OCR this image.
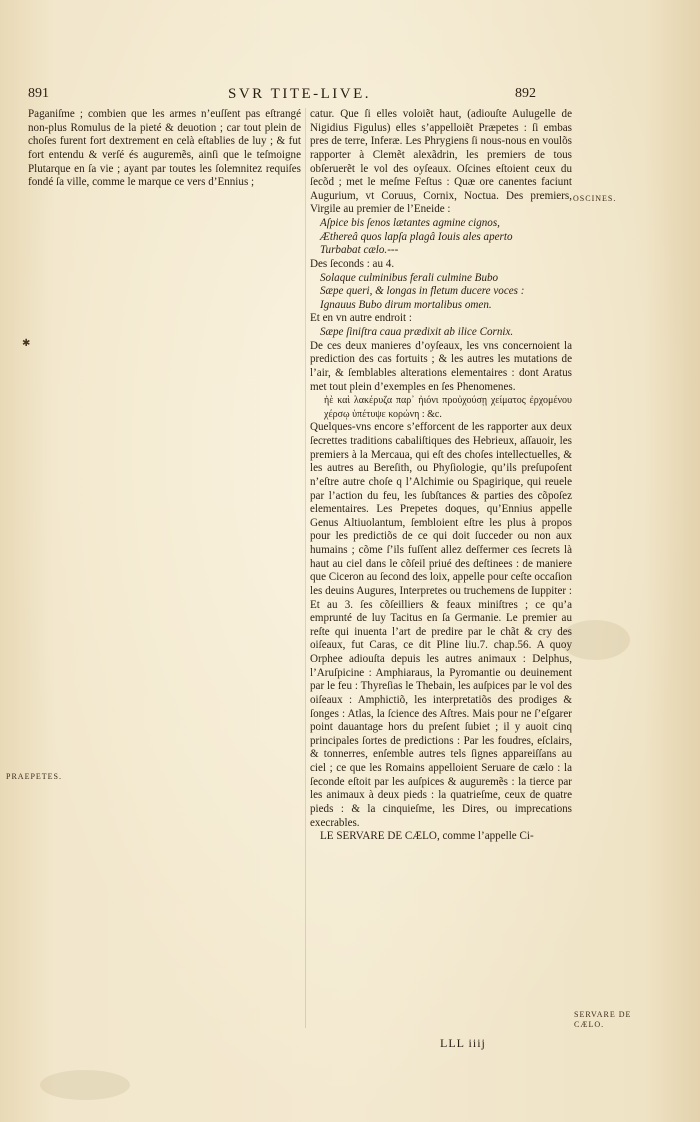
891	SVR TITE-LIVE.	892

Paganiſme ; combien que les armes n’euſſent pas eſtrangé non-plus Romulus de la pieté & deuotion ; car tout plein de choſes furent fort dextrement en celà eſtablies de luy ; & fut fort entendu & verſé és auguremẽs, ainſi que le teſmoigne Plutarque en ſa vie ; ayant par toutes les ſolemnitez requiſes fondé ſa ville, comme le marque ce vers d’Ennius ;

catur. Que ſi elles voloiẽt haut, (adiouſte Aulugelle de Nigidius Figulus) elles s’appelloiẽt Præpetes : ſi embas pres de terre, Inferæ. Les Phrygiens ſi nous-nous en voulõs rapporter à Clemẽt alexãdrin, les premiers de tous obſeruerẽt le vol des oyſeaux. Oſcines eſtoient ceux du ſecõd ; met le meſme Feſtus : Quæ ore canentes faciunt Augurium, vt Coruus, Cornix, Noctua. Des premiers, Virgile au premier de l’Eneide :

Aſpice bis ſenos lætantes agmine cignos,

Æthereâ quos lapſa plagâ Iouis ales aperto

Turbabat cælo.---

Des ſeconds : au 4.

Solaque culminibus ferali culmine Bubo

Sæpe queri, & longas in fletum ducere voces :

Ignauus Bubo dirum mortalibus omen.

Et en vn autre endroit :

Sæpe ſiniſtra caua prædixit ab ilice Cornix.

De ces deux manieres d’oyſeaux, les vns concernoient la prediction des cas fortuits ; & les autres les mutations de l’air, & ſemblables alterations elementaires : dont Aratus met tout plein d’exemples en ſes Phenomenes.

ἠὲ καὶ λακέρυζα παρ᾽ ἠιόνι προὐχούσῃ χείματος ἐρχομένου χέρσῳ ὑπέτυψε κορώνη : &c.

Quelques-vns encore s’efforcent de les rapporter aux deux ſecrettes traditions cabaliſtiques des Hebrieux, aſſauoir, les premiers à la Mercaua, qui eſt des choſes intellectuelles, & les autres au Bereſith, ou Phyſiologie, qu’ils preſupoſent n’eſtre autre choſe q l’Alchimie ou Spagirique, qui reuele par l’action du feu, les ſubſtances & parties des cõpoſez elementaires. Les Prepetes doques, qu’Ennius appelle Genus Altiuolantum, ſembloient eſtre les plus à propos pour les predictiõs de ce qui doit ſucceder ou non aux humains ; cõme ſ’ils fuſſent allez deſfermer ces ſecrets là haut au ciel dans le cõſeil priué des deſtinees : de maniere que Ciceron au ſecond des loix, appelle pour ceſte occaſion les deuins Augures, Interpretes ou truchemens de Iuppiter : Et au 3. ſes cõſeilliers & feaux miniſtres ; ce qu’a emprunté de luy Tacitus en ſa Germanie. Le premier au reſte qui inuenta l’art de predire par le chãt & cry des oiſeaux, fut Caras, ce dit Pline liu.7. chap.56. A quoy Orphee adiouſta depuis les autres animaux : Delphus, l’Aruſpicine : Amphiaraus, la Pyromantie ou deuinement par le feu : Thyreſias le Thebain, les auſpices par le vol des oiſeaux : Amphictiõ, les interpretatiõs des prodiges & ſonges : Atlas, la ſcience des Aſtres. Mais pour ne ſ’eſgarer point dauantage hors du preſent ſubiet ; il y auoit cinq principales ſortes de predictions : Par les foudres, eſclairs, & tonnerres, enſemble autres tels ſignes appareiſſans au ciel ; ce que les Romains appelloient Seruare de cælo : la ſeconde eſtoit par les auſpices & auguremẽs : la tierce par les animaux à deux pieds : la quatrieſme, ceux de quatre pieds : & la cinquieſme, les Dires, ou imprecations execrables.

LE SERVARE DE CÆLO, comme l’appelle Ci-

OSCINES.
PRAEPETES.
SERVARE DE
CÆLO.
✱
LLL iiij
